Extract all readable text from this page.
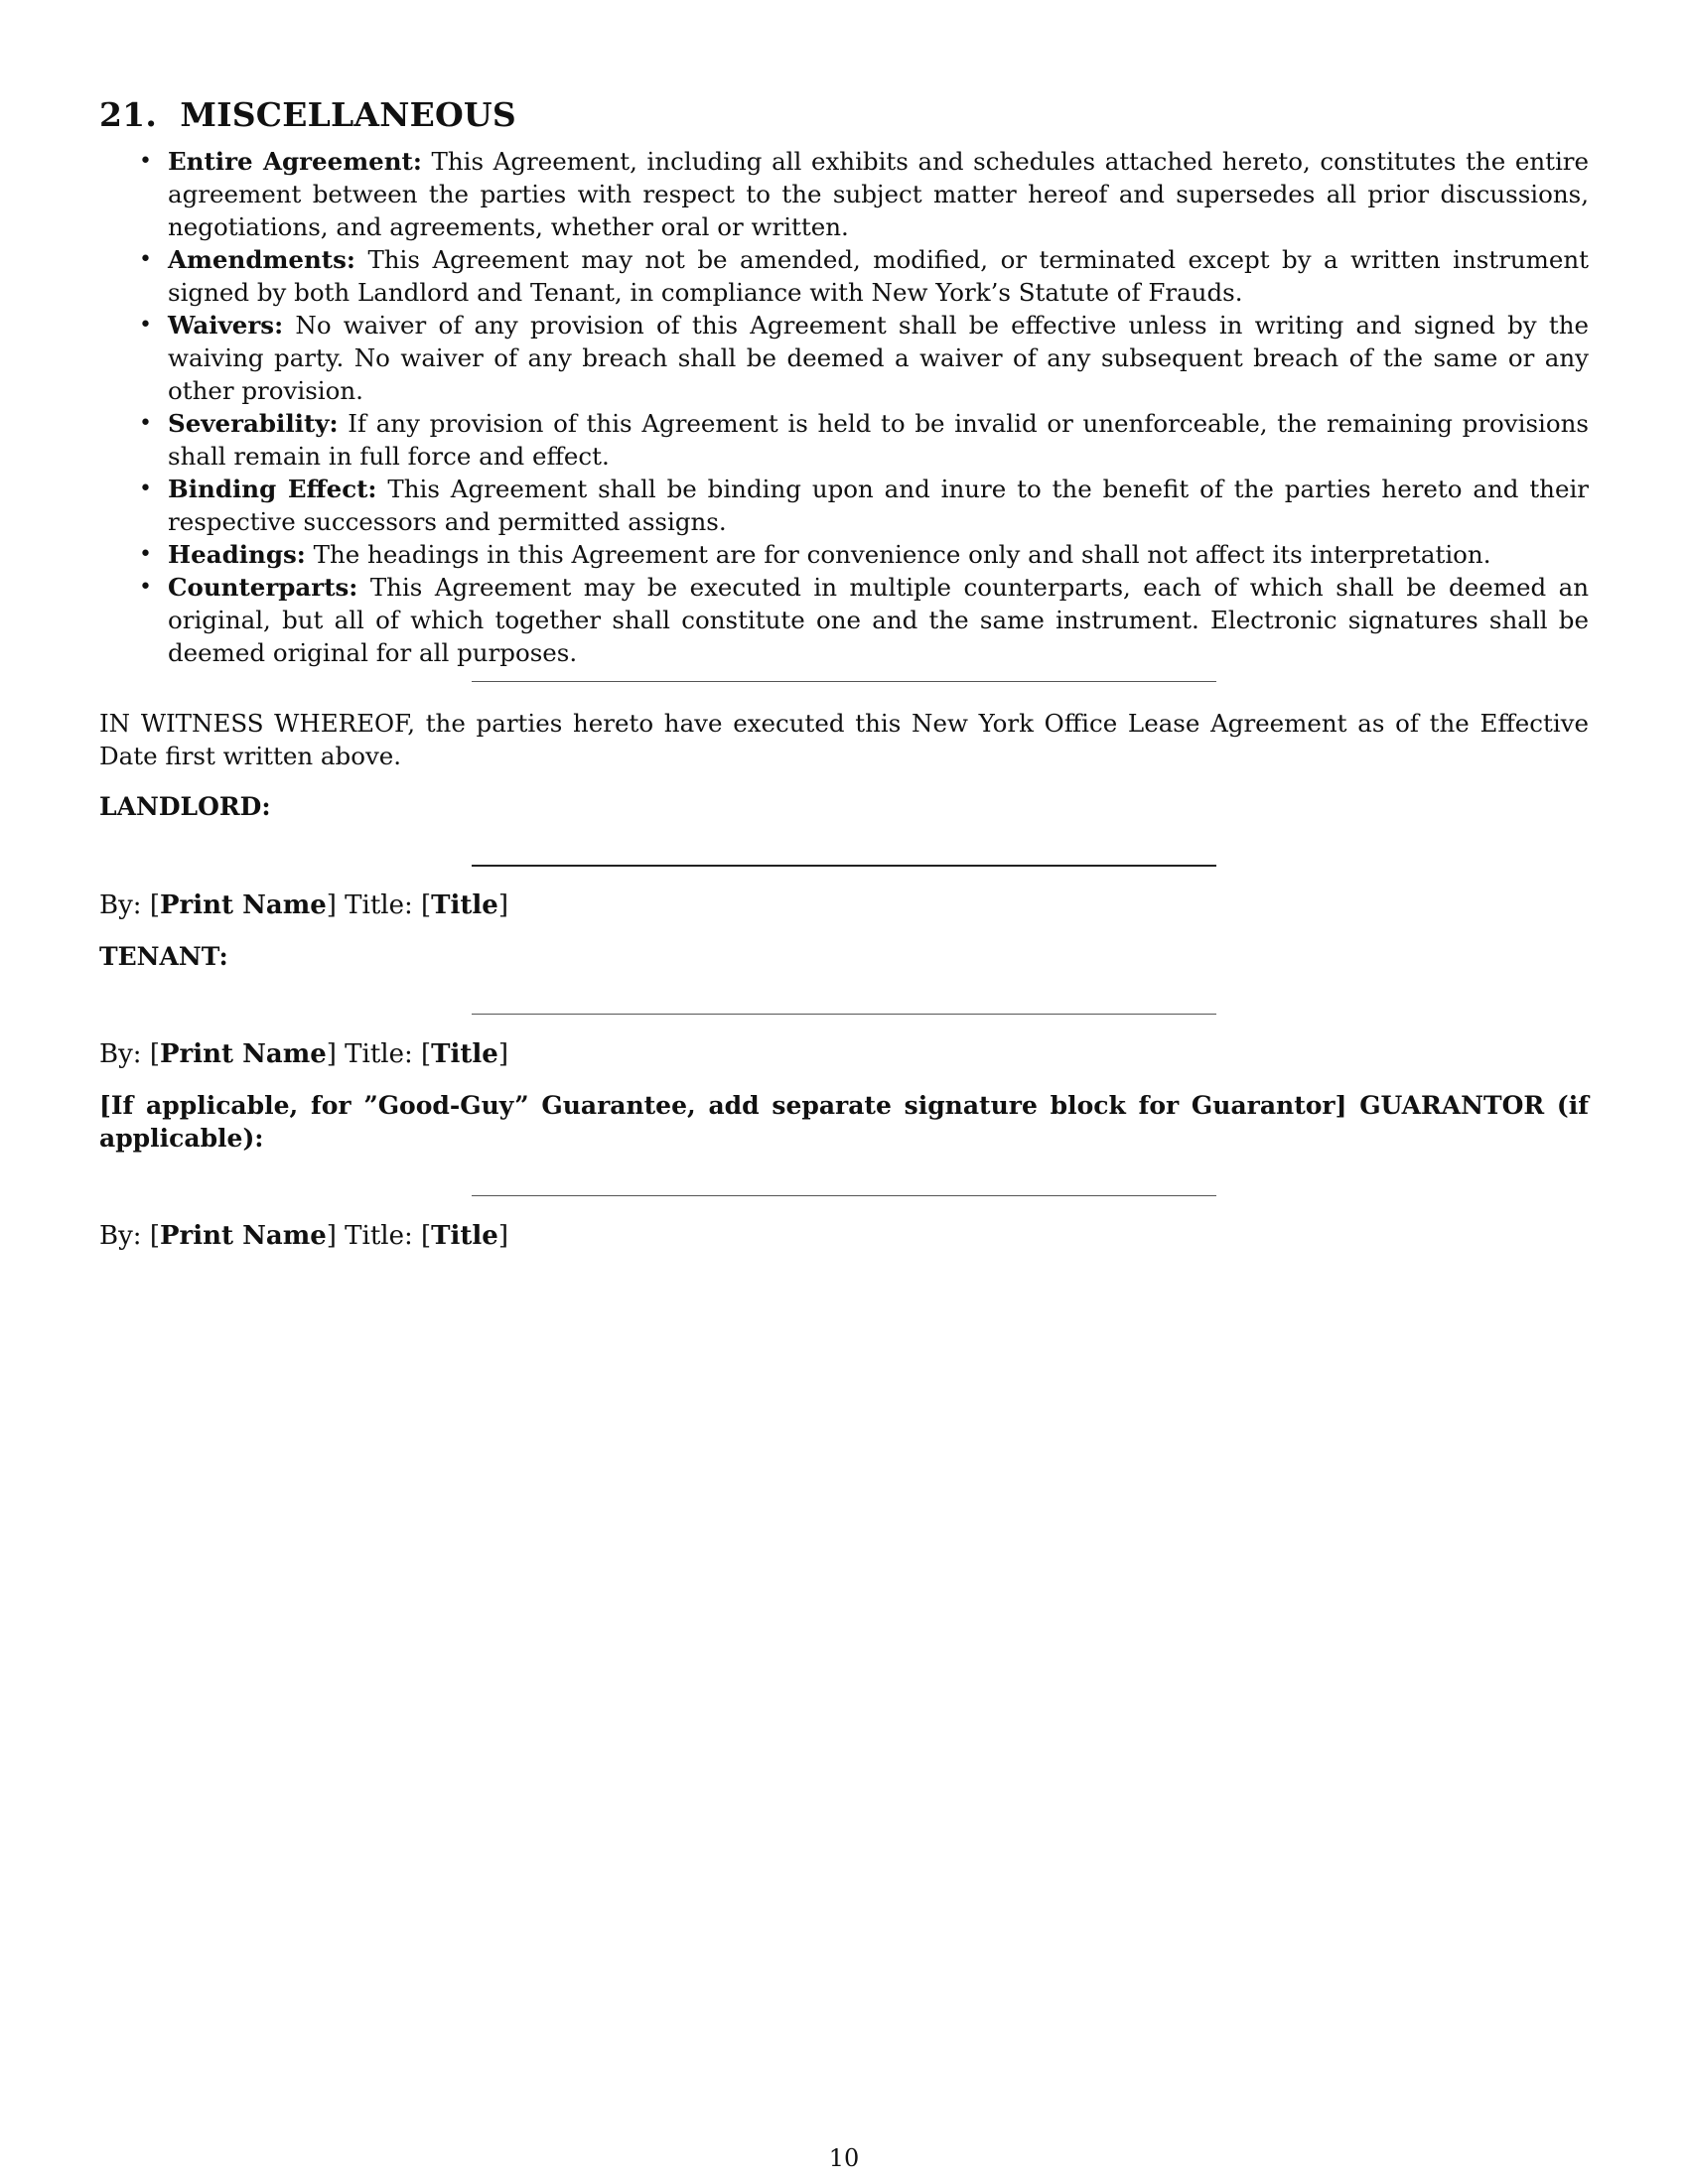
21. MISCELLANEOUS
• Entire Agreement: This Agreement, including all exhibits and schedules attached hereto, constitutes the entire agreement between the parties with respect to the subject matter hereof and supersedes all prior discussions, negotiations, and agreements, whether oral or written.
• Amendments: This Agreement may not be amended, modified, or terminated except by a written instrument signed by both Landlord and Tenant, in compliance with New York’s Statute of Frauds.
• Waivers: No waiver of any provision of this Agreement shall be effective unless in writing and signed by the waiving party. No waiver of any breach shall be deemed a waiver of any subsequent breach of the same or any other provision.
• Severability: If any provision of this Agreement is held to be invalid or unenforceable, the remaining provisions shall remain in full force and effect.
• Binding Effect: This Agreement shall be binding upon and inure to the benefit of the parties hereto and their respective successors and permitted assigns.
• Headings: The headings in this Agreement are for convenience only and shall not affect its interpretation.
• Counterparts: This Agreement may be executed in multiple counterparts, each of which shall be deemed an original, but all of which together shall constitute one and the same instrument. Electronic signatures shall be deemed original for all purposes.
IN WITNESS WHEREOF, the parties hereto have executed this New York Office Lease Agreement as of the Effective Date first written above.
LANDLORD:
By: [Print Name] Title: [Title]
TENANT:
By: [Print Name] Title: [Title]
[If applicable, for ”Good-Guy” Guarantee, add separate signature block for Guarantor] GUARANTOR (if applicable):
By: [Print Name] Title: [Title]
10
